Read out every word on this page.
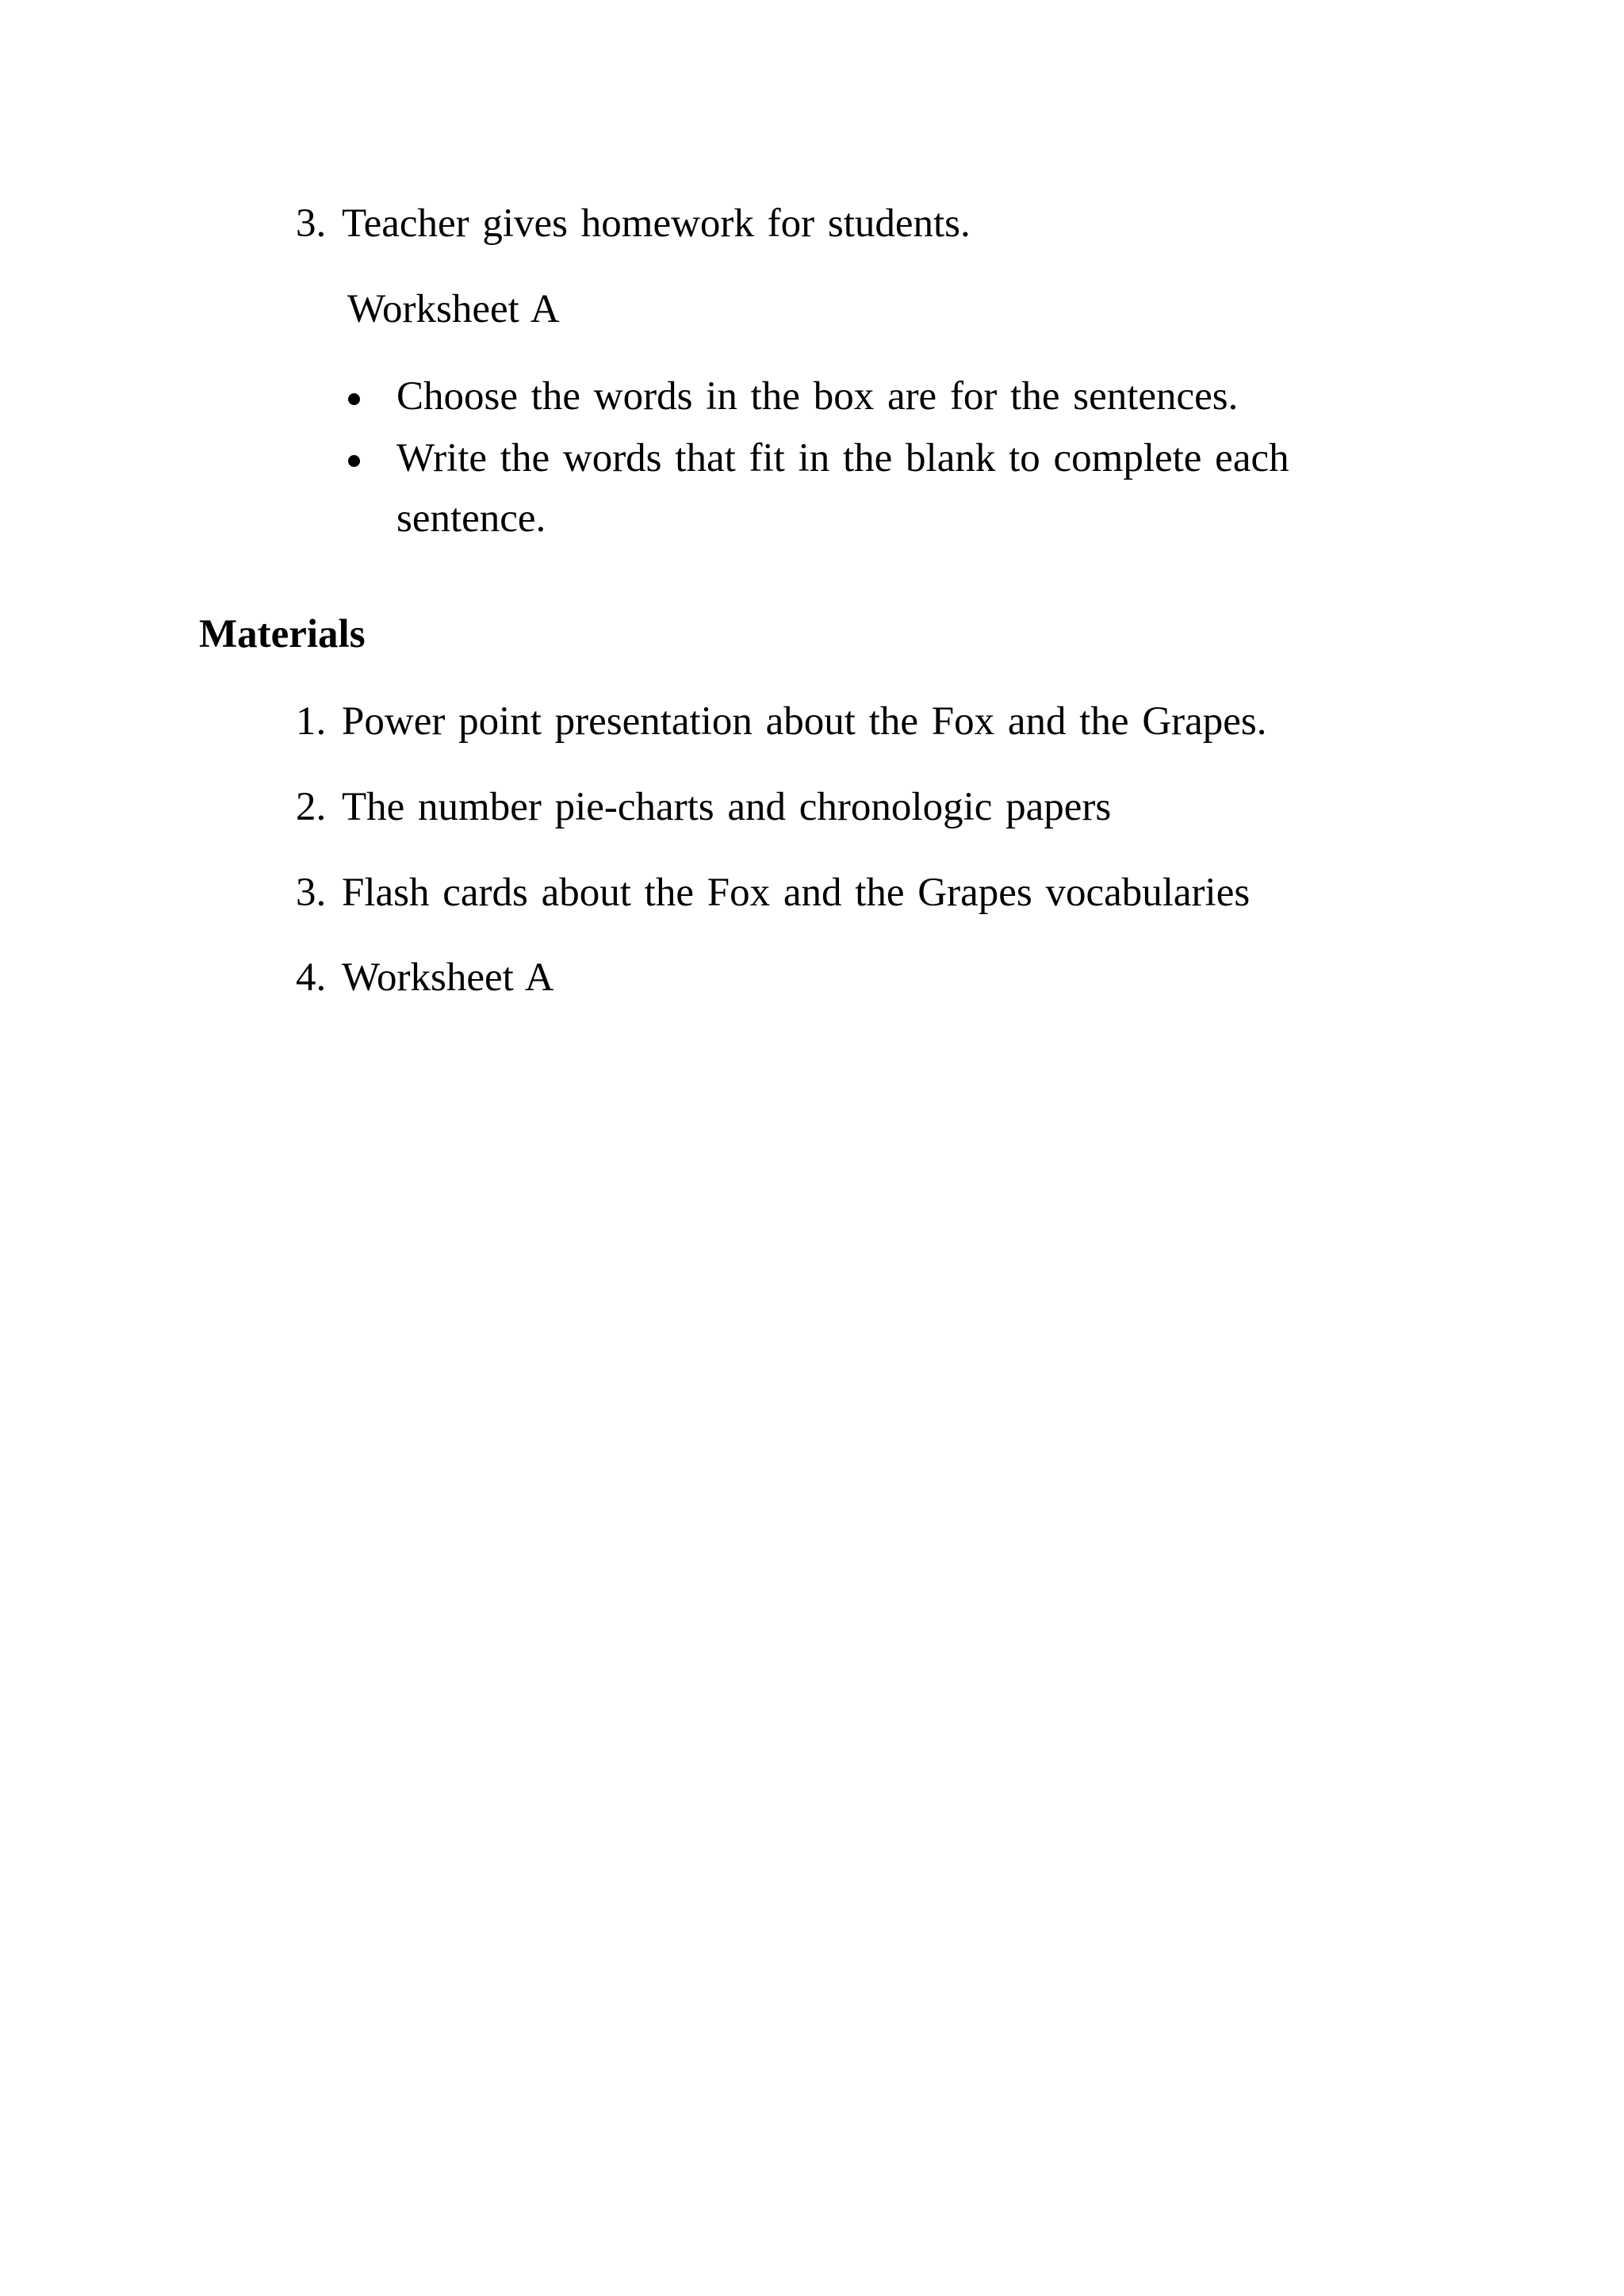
3. Teacher gives homework for students.
Worksheet A
Choose the words in the box are for the sentences.
Write the words that fit in the blank to complete each
sentence.
Materials
1. Power point presentation about the Fox and the Grapes.
2. The number pie-charts and chronologic papers
3. Flash cards about the Fox and the Grapes vocabularies
4. Worksheet A
